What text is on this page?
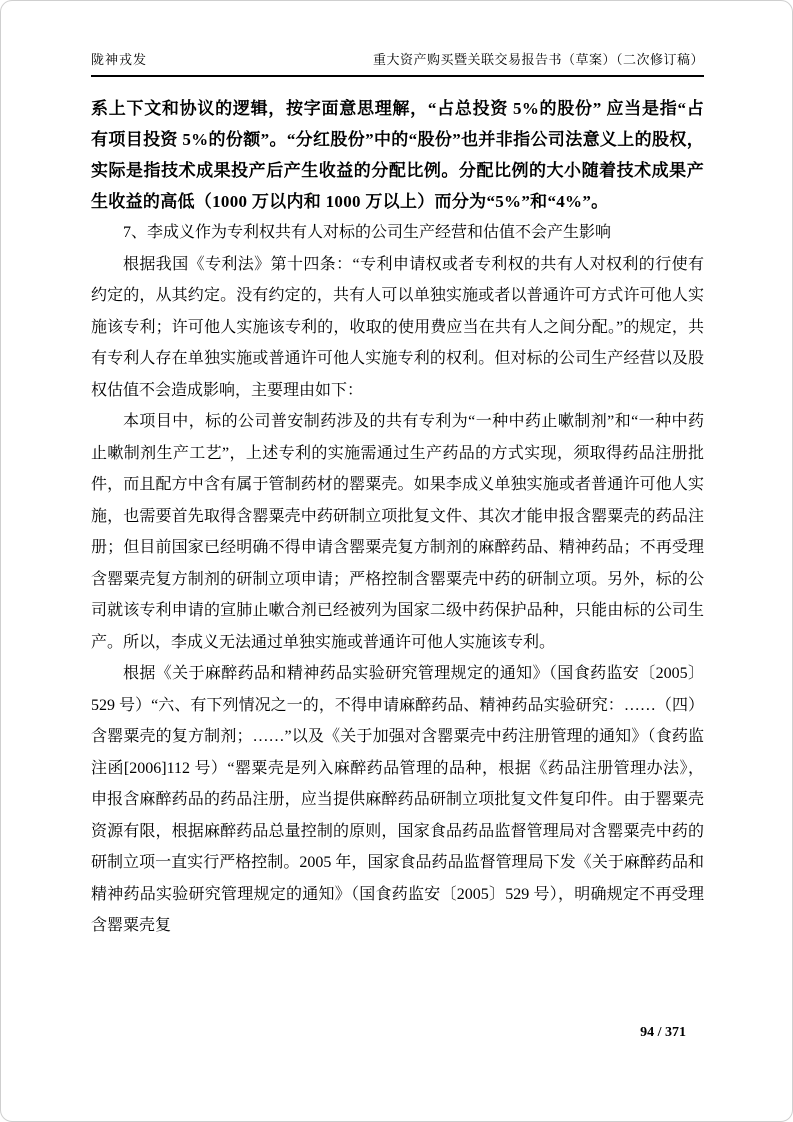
陇神戎发	重大资产购买暨关联交易报告书（草案）（二次修订稿）

系上下文和协议的逻辑，按字面意思理解，“占总投资 5%的股份” 应当是指“占有项目投资 5%的份额”。“分红股份”中的“股份”也并非指公司法意义上的股权，实际是指技术成果投产后产生收益的分配比例。分配比例的大小随着技术成果产生收益的高低（1000 万以内和 1000 万以上）而分为“5%”和“4%”。

7、李成义作为专利权共有人对标的公司生产经营和估值不会产生影响

根据我国《专利法》第十四条：“专利申请权或者专利权的共有人对权利的行使有约定的，从其约定。没有约定的，共有人可以单独实施或者以普通许可方式许可他人实施该专利；许可他人实施该专利的，收取的使用费应当在共有人之间分配。”的规定，共有专利人存在单独实施或普通许可他人实施专利的权利。但对标的公司生产经营以及股权估值不会造成影响，主要理由如下：

本项目中，标的公司普安制药涉及的共有专利为“一种中药止嗽制剂”和“一种中药止嗽制剂生产工艺”，上述专利的实施需通过生产药品的方式实现，须取得药品注册批件，而且配方中含有属于管制药材的罂粟壳。如果李成义单独实施或者普通许可他人实施，也需要首先取得含罂粟壳中药研制立项批复文件、其次才能申报含罂粟壳的药品注册；但目前国家已经明确不得申请含罂粟壳复方制剂的麻醉药品、精神药品；不再受理含罂粟壳复方制剂的研制立项申请；严格控制含罂粟壳中药的研制立项。另外，标的公司就该专利申请的宣肺止嗽合剂已经被列为国家二级中药保护品种，只能由标的公司生产。所以，李成义无法通过单独实施或普通许可他人实施该专利。

根据《关于麻醉药品和精神药品实验研究管理规定的通知》（国食药监安〔2005〕529 号）“六、有下列情况之一的，不得申请麻醉药品、精神药品实验研究：……（四）含罂粟壳的复方制剂；……”以及《关于加强对含罂粟壳中药注册管理的通知》（食药监注函[2006]112 号）“罂粟壳是列入麻醉药品管理的品种，根据《药品注册管理办法》，申报含麻醉药品的药品注册，应当提供麻醉药品研制立项批复文件复印件。由于罂粟壳资源有限，根据麻醉药品总量控制的原则，国家食品药品监督管理局对含罂粟壳中药的研制立项一直实行严格控制。2005 年，国家食品药品监督管理局下发《关于麻醉药品和精神药品实验研究管理规定的通知》（国食药监安〔2005〕529 号），明确规定不再受理含罂粟壳复

94 / 371
